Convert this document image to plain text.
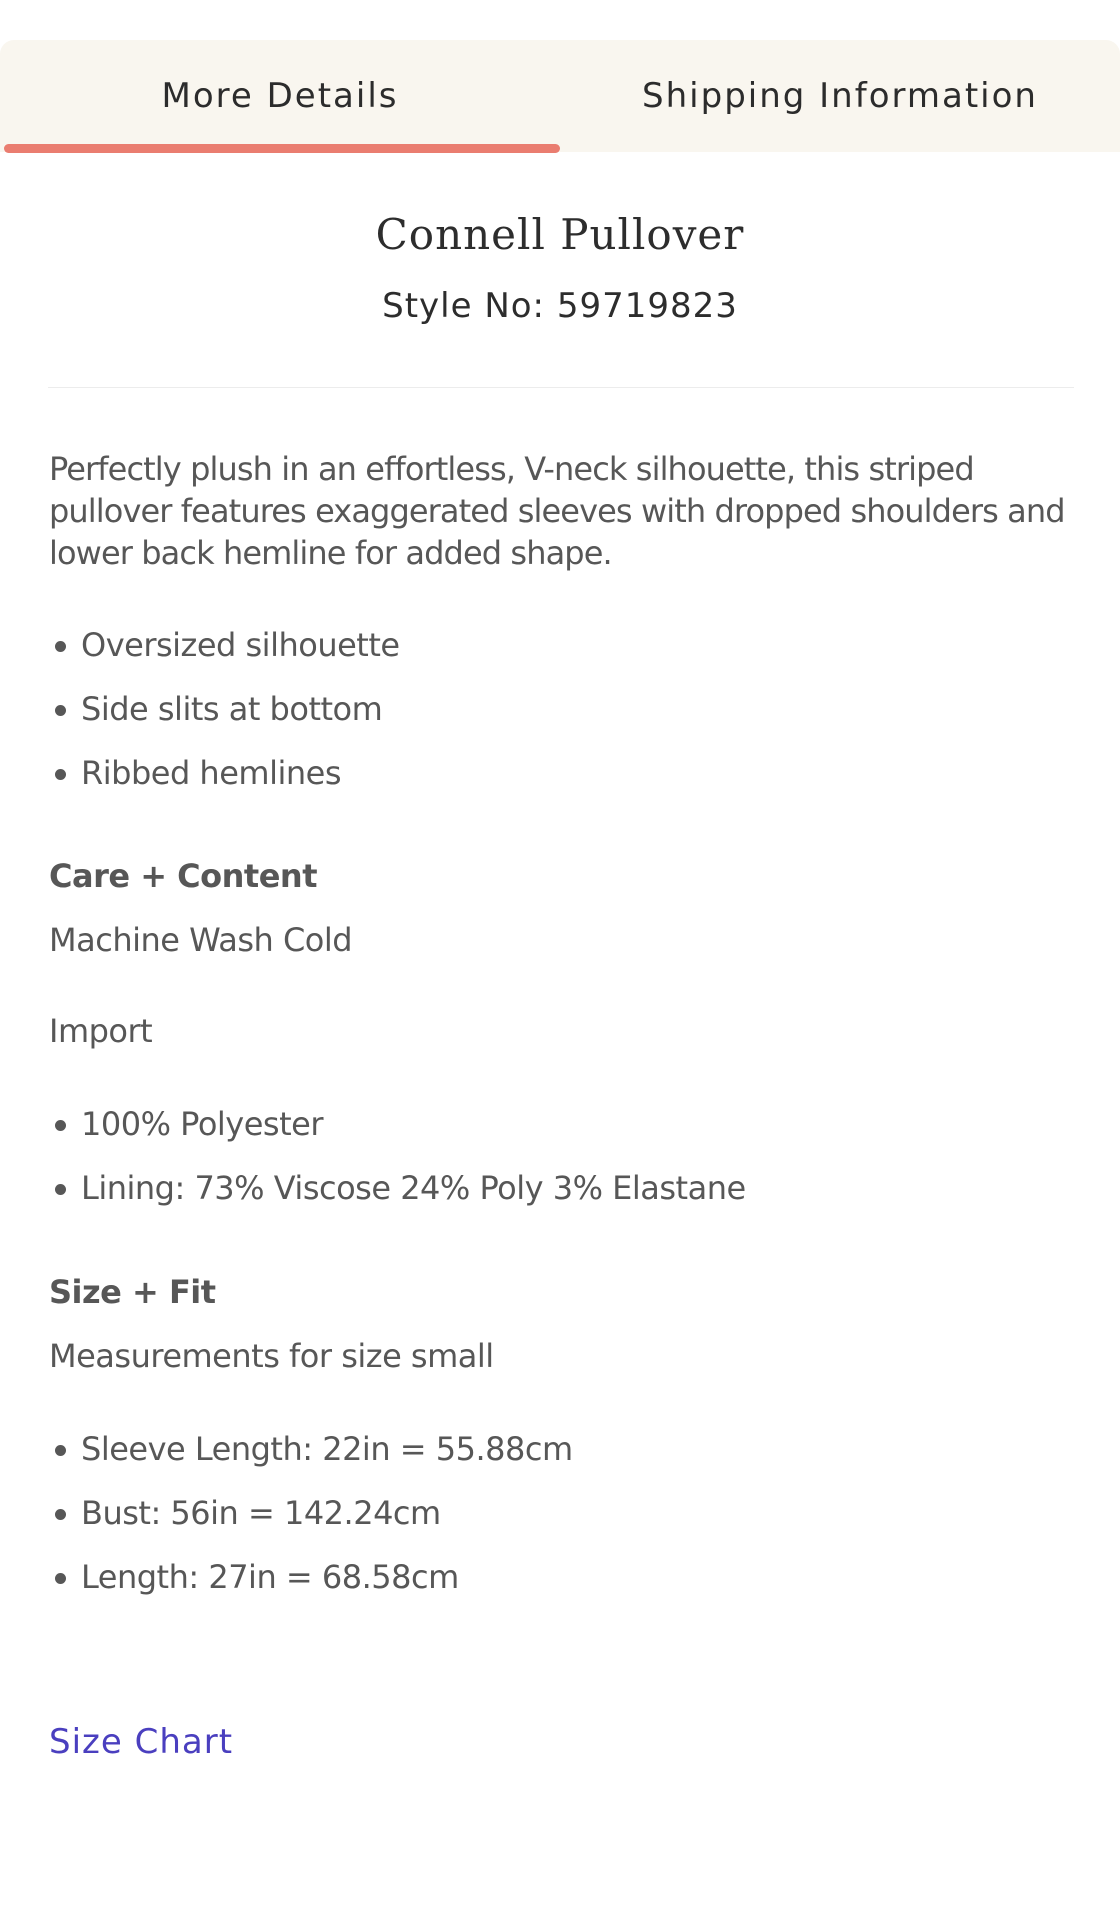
More Details	Shipping Information
Connell Pullover
Style No: 59719823

Perfectly plush in an effortless, V-neck silhouette, this striped pullover features exaggerated sleeves with dropped shoulders and lower back hemline for added shape.

Oversized silhouette
Side slits at bottom
Ribbed hemlines
Care + Content
Machine Wash Cold
Import
100% Polyester
Lining: 73% Viscose 24% Poly 3% Elastane
Size + Fit
Measurements for size small
Sleeve Length: 22in = 55.88cm
Bust: 56in = 142.24cm
Length: 27in = 68.58cm
Size Chart
